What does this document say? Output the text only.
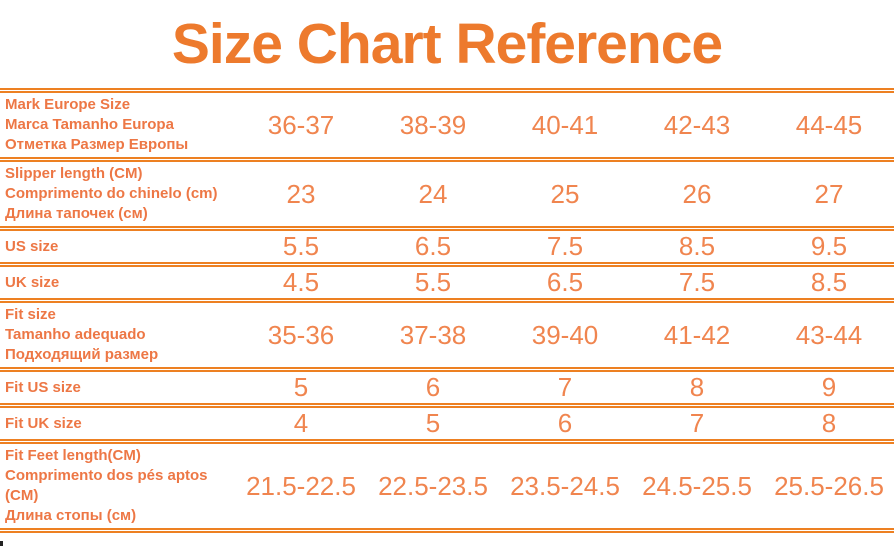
Size Chart Reference
Mark Europe Size
Marca Tamanho Europa
Отметка Размер Европы	36-37	38-39	40-41	42-43	44-45

Slipper length (CM)
Comprimento do chinelo (cm)
Длина тапочек (см)	23	24	25	26	27

US size	5.5	6.5	7.5	8.5	9.5

UK size	4.5	5.5	6.5	7.5	8.5

Fit size
Tamanho adequado
Подходящий размер	35-36	37-38	39-40	41-42	43-44

Fit US size	5	6	7	8	9

Fit UK size	4	5	6	7	8

Fit Feet length(CM)
Comprimento dos pés aptos (CM)
Длина стопы (см)	21.5-22.5	22.5-23.5	23.5-24.5	24.5-25.5	25.5-26.5
